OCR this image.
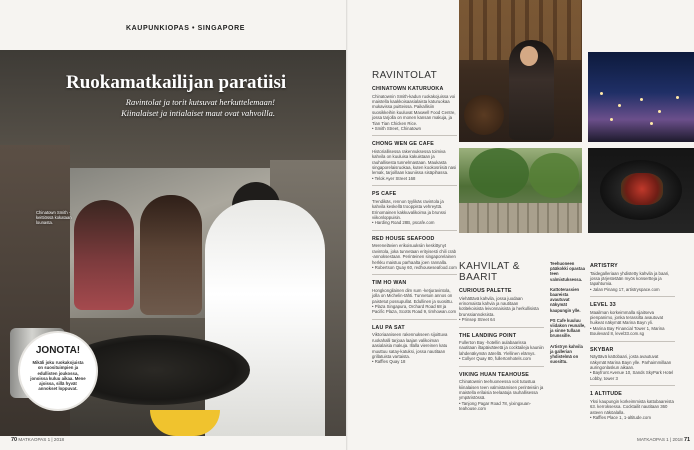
KAUPUNKIOPAS • SINGAPORE
Ruokamatkailijan paratiisi
Ravintolat ja torit kutsuvat herkuttelemaan! Kiinalaiset ja intialaiset maut ovat vahvoilla.
Chinatown Smith -keittiössä kokataan lounasta.
JONOTA!
Mikäli joku ruokakojuista on suosituimpien ja edullisten joukossa, jonoissa kuluu aikaa. Mene ajoissa, sillä hyvät annokset loppuvat.
70 MATKAOPAS 1 | 2018
RAVINTOLAT
CHINATOWN KATURUOKA

Chinatownin Smith-kadun ruokakojuissa voi maistella kaakkoisaasialaista katuruokaa mukavissa puitteissa. Paikallisiin suosikkeihin kuuluvat Maxwell Food Centre, jossa tarjolla on monen kansan makuja, ja Tian Tian Chicken Rice.

• Smith Street, Chinatown

CHONG WEN GE CAFE

Historiallisessa rakennuksessa toimiva kahvila on kuuluisa kakuistaan ja rauhallisesta tunnelmastaan. Maukasta singaporelaisruokaa, kuten kookosriisiä nasi lemak, tarjoillaan kauniissa sisäpihassa.

• Telok Ayer Street 168

PS CAFE

Trendikäs, rennon tyylikäs ravintola ja kahvila keskellä trooppista vehreyttä. Erinomainen kakkuvalikoima ja brunssi viikonloppuisin.

• Harding Road 28B, pscafe.com

RED HOUSE SEAFOOD

Merenelävien erikoisuuksiin keskittynyt ravintola, joka tunnetaan erityisesti chili crab -annoksestaan. Perinteinen singaporelainen herkku maistuu parhaalta joen rannalla.

• Robertson Quay 60, redhouseseafood.com

TIM HO WAN

Hongkongilainen dim sum -ketjuravintola, jolla on Michelin-tähti. Tunnetuin annos on paistetut possupullat. Edullinen ja suosittu.

• Plaza Singapura, Orchard Road 68 ja Pacific Plaza, Scotts Road 9, timhowan.com

LAU PA SAT

Viktoriaaniseen rakennukseen sijoittuva ruokahalli tarjoaa laajan valikoiman aasialaisia makuja. Illalla viereinen katu muuttuu satay-katuksi, jossa nautitaan grillatuista vartaista.

• Raffles Quay 18

KAHVILAT & BAARIT
CURIOUS PALETTE

Viehättävä kahvila, jossa juodaan erinomaista kahvia ja nautitaan kotitekoisista leivonnaisista ja herkullisista brunssiannoksista.

• Prinsep Street 64

THE LANDING POINT

Fullerton Bay -hotellin aulabaarissa nautitaan iltapäiväteetä ja cocktaileja kauniin lahdenäkymän äärellä. Ylellinen elämys.

• Collyer Quay 80, fullertonhotels.com

VIKING HUAN TEAHOUSE

Chinatownin teehuoneessa voit tutustua kiinalaisen teen valmistamisen perinteisiin ja maistella erilaisia teelaatuja rauhallisessa ympäristössä.

• Tanjong Pagar Road 78, yixingxuan-teahouse.com

Teehuoneen pääkokki opastaa teen valmistuksessa.

Kattoterassien baareista avautuvat näkymät kaupungin ylle.

PS Cafe kuuluu viidakon reunalle, ja sinne tullaan brunssille.

Artistryn kahvila ja gallerian yhdistelmä on suosittu.

ARTISTRY

Taidegalleriaan yhdistetty kahvila ja baari, jossa järjestetään myös konsertteja ja tapahtumia.

• Jalan Pinang 17, artistryspace.com

LEVEL 33

Maailman korkeimmalla sijaitseva pienpanimo, jonka terassilta avautuvat huikeat näkymät Marina Bayn yli.

• Marina Bay Financial Tower 1, Marina Boulevard 8, level33.com.sg

SKYBAR

Näyttävä kattobaari, josta avautuvat näkymät Marina Bayn ylle. Parhaimmillaan auringonlaskun aikaan.

• Bayfront Avenue 10, Sands SkyPark Hotel Lobby, tower 3

1 ALTITUDE

Yksi kaupungin korkeimmista kattobaareista 63. kerroksessa. Cocktailit nautitaan 360 asteen näköalalla.

• Raffles Place 1, 1-altitude.com

MATKAOPAS 1 | 2018 71
